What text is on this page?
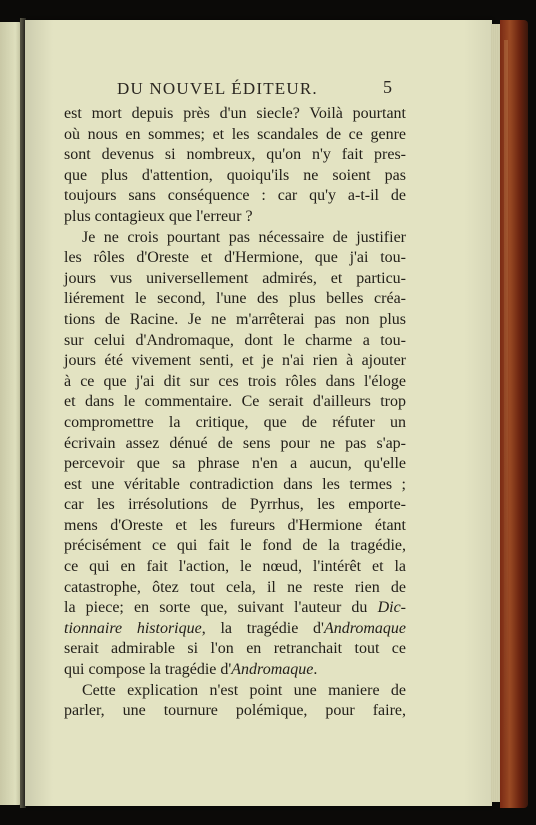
DU NOUVEL ÉDITEUR.	5
est mort depuis près d'un siecle? Voilà pourtant
où nous en sommes; et les scandales de ce genre
sont devenus si nombreux, qu'on n'y fait pres-
que plus d'attention, quoiqu'ils ne soient pas
toujours sans conséquence : car qu'y a-t-il de
plus contagieux que l'erreur ?
Je ne crois pourtant pas nécessaire de justifier
les rôles d'Oreste et d'Hermione, que j'ai tou-
jours vus universellement admirés, et particu-
liérement le second, l'une des plus belles créa-
tions de Racine. Je ne m'arrêterai pas non plus
sur celui d'Andromaque, dont le charme a tou-
jours été vivement senti, et je n'ai rien à ajouter
à ce que j'ai dit sur ces trois rôles dans l'éloge
et dans le commentaire. Ce serait d'ailleurs trop
compromettre la critique, que de réfuter un
écrivain assez dénué de sens pour ne pas s'ap-
percevoir que sa phrase n'en a aucun, qu'elle
est une véritable contradiction dans les termes ;
car les irrésolutions de Pyrrhus, les emporte-
mens d'Oreste et les fureurs d'Hermione étant
précisément ce qui fait le fond de la tragédie,
ce qui en fait l'action, le nœud, l'intérêt et la
catastrophe, ôtez tout cela, il ne reste rien de
la piece; en sorte que, suivant l'auteur du Dic-
tionnaire historique, la tragédie d'Andromaque
serait admirable si l'on en retranchait tout ce
qui compose la tragédie d'Andromaque.
Cette explication n'est point une maniere de
parler, une tournure polémique, pour faire,
